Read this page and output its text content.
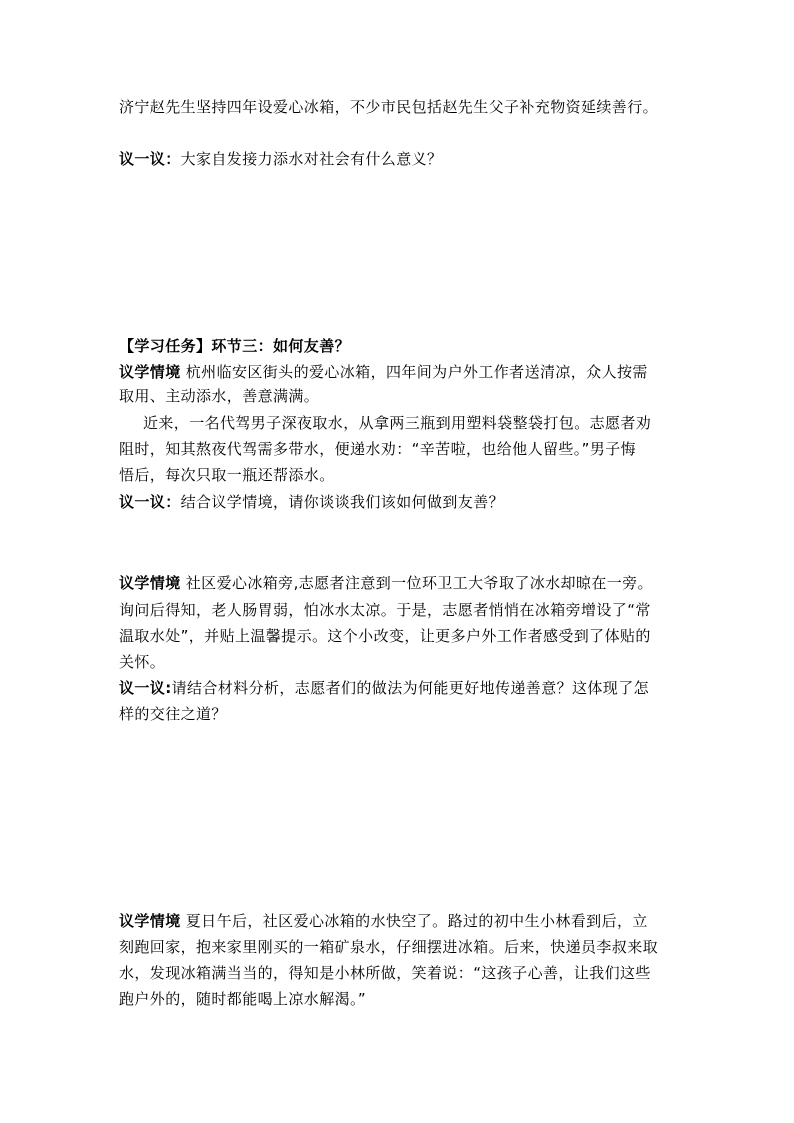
济宁赵先生坚持四年设爱心冰箱，不少市民包括赵先生父子补充物资延续善行。
议一议：大家自发接力添水对社会有什么意义？
【学习任务】环节三：如何友善？
议学情境 杭州临安区街头的爱心冰箱，四年间为户外工作者送清凉，众人按需
取用、主动添水，善意满满。
近来，一名代驾男子深夜取水，从拿两三瓶到用塑料袋整袋打包。志愿者劝
阻时，知其熬夜代驾需多带水，便递水劝：“辛苦啦，也给他人留些。”男子悔
悟后，每次只取一瓶还帮添水。
议一议：结合议学情境，请你谈谈我们该如何做到友善？
议学情境 社区爱心冰箱旁,志愿者注意到一位环卫工大爷取了冰水却晾在一旁。
询问后得知，老人肠胃弱，怕冰水太凉。于是，志愿者悄悄在冰箱旁增设了“常
温取水处”，并贴上温馨提示。这个小改变，让更多户外工作者感受到了体贴的
关怀。
议一议:请结合材料分析，志愿者们的做法为何能更好地传递善意？这体现了怎
样的交往之道？
议学情境 夏日午后，社区爱心冰箱的水快空了。路过的初中生小林看到后，立
刻跑回家，抱来家里刚买的一箱矿泉水，仔细摆进冰箱。后来，快递员李叔来取
水，发现冰箱满当当的，得知是小林所做，笑着说：“这孩子心善，让我们这些
跑户外的，随时都能喝上凉水解渴。”
